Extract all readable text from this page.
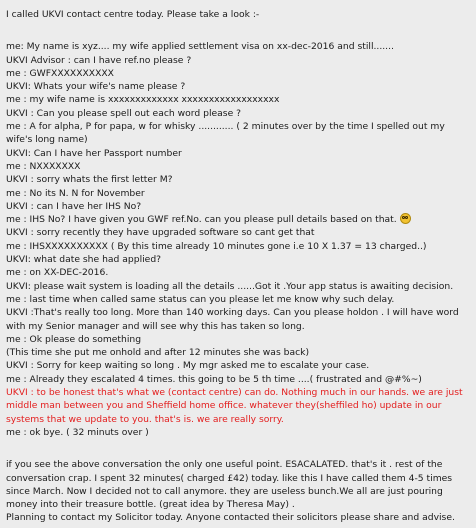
I called UKVI contact centre today. Please take a look :-
me: My name is xyz.... my wife applied settlement visa on xx-dec-2016 and still.......
UKVI Advisor : can I have ref.no please ?
me : GWFXXXXXXXXXX
UKVI: Whats your wife's name please ?
me : my wife name is xxxxxxxxxxxxx xxxxxxxxxxxxxxxxxx
UKVI : Can you please spell out each word please ?
me : A for alpha, P for papa, w for whisky ............ ( 2 minutes over by the time I spelled out my wife's long name)
UKVI: Can I have her Passport number
me : NXXXXXXX
UKVI : sorry whats the first letter M?
me : No its N. N for November
UKVI : can I have her IHS No?
me : IHS No? I have given you GWF ref.No. can you please pull details based on that.
UKVI : sorry recently they have upgraded software so cant get that
me : IHSXXXXXXXXXX ( By this time already 10 minutes gone i.e 10 X 1.37 = 13 charged..)
UKVI: what date she had applied?
me : on XX-DEC-2016.
UKVI: please wait system is loading all the details ......Got it .Your app status is awaiting decision.
me : last time when called same status can you please let me know why such delay.
UKVI :That's really too long. More than 140 working days. Can you please holdon . I will have word with my Senior manager and will see why this has taken so long.
me : Ok please do something
(This time she put me onhold and after 12 minutes she was back)
UKVI : Sorry for keep waiting so long . My mgr asked me to escalate your case.
me : Already they escalated 4 times. this going to be 5 th time ....( frustrated and @#%~)
UKVI : to be honest that's what we (contact centre) can do. Nothing much in our hands. we are just middle man between you and Sheffield home office. whatever they(sheffiled ho) update in our systems that we update to you. that's is. we are really sorry.
me : ok bye. ( 32 minuts over )
if you see the above conversation the only one useful point. ESACALATED. that's it . rest of the conversation crap. I spent 32 minutes( charged £42) today. like this I have called them 4-5 times since March. Now I decided not to call anymore. they are useless bunch.We all are just pouring money into their treasure bottle. (great idea by Theresa May) .
Planning to contact my Solicitor today. Anyone contacted their solicitors please share and advise.
